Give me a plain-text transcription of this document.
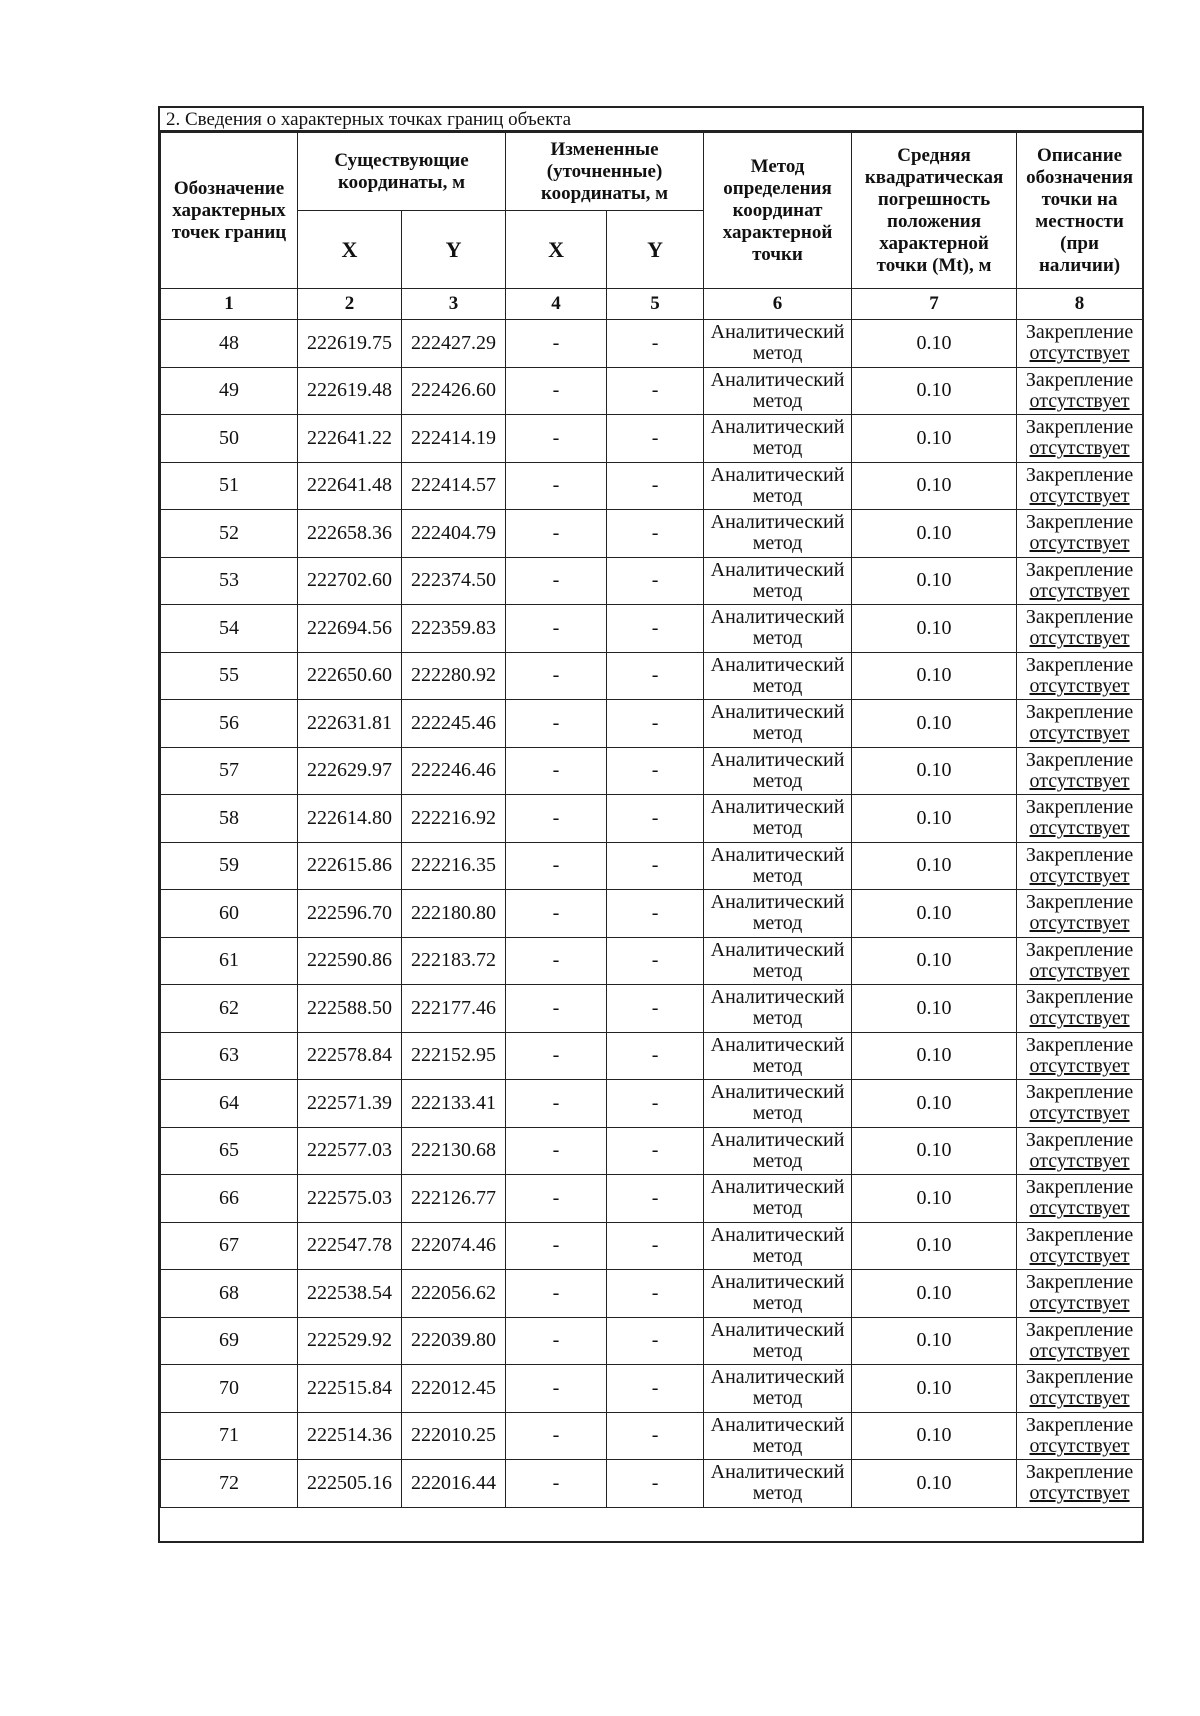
2. Сведения о характерных точках границ объекта
Обозначение характерных точек границ	Существующие координаты, м		Измененные (уточненные) координаты, м		Метод определения координат характерной точки	Средняя квадратическая погрешность положения характерной точки (Mt), м	Описание обозначения точки на местности (при наличии)
	X	Y	X	Y			
1	2	3	4	5	6	7	8
48	222619.75	222427.29	-	-	Аналитический метод	0.10	Закрепление
отсутствует

49	222619.48	222426.60	-	-	Аналитический метод	0.10	Закрепление
отсутствует

50	222641.22	222414.19	-	-	Аналитический метод	0.10	Закрепление
отсутствует

51	222641.48	222414.57	-	-	Аналитический метод	0.10	Закрепление
отсутствует

52	222658.36	222404.79	-	-	Аналитический метод	0.10	Закрепление
отсутствует

53	222702.60	222374.50	-	-	Аналитический метод	0.10	Закрепление
отсутствует

54	222694.56	222359.83	-	-	Аналитический метод	0.10	Закрепление
отсутствует

55	222650.60	222280.92	-	-	Аналитический метод	0.10	Закрепление
отсутствует

56	222631.81	222245.46	-	-	Аналитический метод	0.10	Закрепление
отсутствует

57	222629.97	222246.46	-	-	Аналитический метод	0.10	Закрепление
отсутствует

58	222614.80	222216.92	-	-	Аналитический метод	0.10	Закрепление
отсутствует

59	222615.86	222216.35	-	-	Аналитический метод	0.10	Закрепление
отсутствует

60	222596.70	222180.80	-	-	Аналитический метод	0.10	Закрепление
отсутствует

61	222590.86	222183.72	-	-	Аналитический метод	0.10	Закрепление
отсутствует

62	222588.50	222177.46	-	-	Аналитический метод	0.10	Закрепление
отсутствует

63	222578.84	222152.95	-	-	Аналитический метод	0.10	Закрепление
отсутствует

64	222571.39	222133.41	-	-	Аналитический метод	0.10	Закрепление
отсутствует

65	222577.03	222130.68	-	-	Аналитический метод	0.10	Закрепление
отсутствует

66	222575.03	222126.77	-	-	Аналитический метод	0.10	Закрепление
отсутствует

67	222547.78	222074.46	-	-	Аналитический метод	0.10	Закрепление
отсутствует

68	222538.54	222056.62	-	-	Аналитический метод	0.10	Закрепление
отсутствует

69	222529.92	222039.80	-	-	Аналитический метод	0.10	Закрепление
отсутствует

70	222515.84	222012.45	-	-	Аналитический метод	0.10	Закрепление
отсутствует

71	222514.36	222010.25	-	-	Аналитический метод	0.10	Закрепление
отсутствует

72	222505.16	222016.44	-	-	Аналитический метод	0.10	Закрепление
отсутствует
